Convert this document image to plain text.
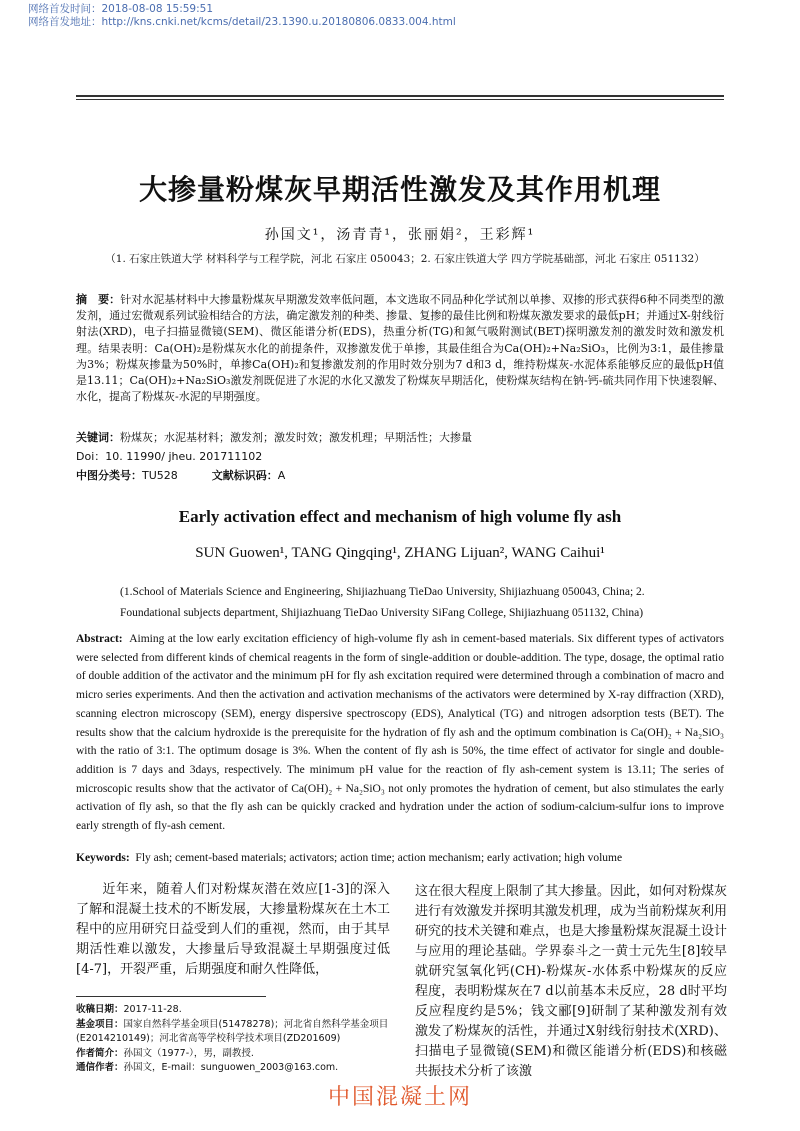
网络首发时间：2018-08-08 15:59:51
网络首发地址：http://kns.cnki.net/kcms/detail/23.1390.u.20180806.0833.004.html
大掺量粉煤灰早期活性激发及其作用机理
孙国文¹，汤青青¹，张丽娟²，王彩辉¹
（1. 石家庄铁道大学 材料科学与工程学院，河北 石家庄 050043；2. 石家庄铁道大学 四方学院基础部，河北 石家庄 051132）
摘　要：针对水泥基材料中大掺量粉煤灰早期激发效率低问题，本文选取不同品种化学试剂以单掺、双掺的形式获得6种不同类型的激发剂，通过宏微观系列试验相结合的方法，确定激发剂的种类、掺量、复掺的最佳比例和粉煤灰激发要求的最低pH；并通过X-射线衍射法(XRD)，电子扫描显微镜(SEM)、微区能谱分析(EDS)，热重分析(TG)和氮气吸附测试(BET)探明激发剂的激发时效和激发机理。结果表明：Ca(OH)₂是粉煤灰水化的前提条件，双掺激发优于单掺，其最佳组合为Ca(OH)₂+Na₂SiO₃，比例为3:1，最佳掺量为3%；粉煤灰掺量为50%时，单掺Ca(OH)₂和复掺激发剂的作用时效分别为7 d和3 d，维持粉煤灰-水泥体系能够反应的最低pH值是13.11；Ca(OH)₂+Na₂SiO₃激发剂既促进了水泥的水化又激发了粉煤灰早期活化，使粉煤灰结构在钠-钙-硫共同作用下快速裂解、水化，提高了粉煤灰-水泥的早期强度。
关键词：粉煤灰；水泥基材料；激发剂；激发时效；激发机理；早期活性；大掺量
Doi：10. 11990/ jheu. 201711102
中图分类号：TU528	文献标识码：A
Early activation effect and mechanism of high volume fly ash
SUN Guowen¹, TANG Qingqing¹, ZHANG Lijuan², WANG Caihui¹
(1.School of Materials Science and Engineering, Shijiazhuang TieDao University, Shijiazhuang 050043, China; 2. Foundational subjects department, Shijiazhuang TieDao University SiFang College, Shijiazhuang 051132, China)
Abstract: Aiming at the low early excitation efficiency of high-volume fly ash in cement-based materials. Six different types of activators were selected from different kinds of chemical reagents in the form of single-addition or double-addition. The type, dosage, the optimal ratio of double addition of the activator and the minimum pH for fly ash excitation required were determined through a combination of macro and micro series experiments. And then the activation and activation mechanisms of the activators were determined by X-ray diffraction (XRD), scanning electron microscopy (SEM), energy dispersive spectroscopy (EDS), Analytical (TG) and nitrogen adsorption tests (BET). The results show that the calcium hydroxide is the prerequisite for the hydration of fly ash and the optimum combination is Ca(OH)₂ + Na₂SiO₃ with the ratio of 3:1. The optimum dosage is 3%. When the content of fly ash is 50%, the time effect of activator for single and double-addition is 7 days and 3days, respectively. The minimum pH value for the reaction of fly ash-cement system is 13.11; The series of microscopic results show that the activator of Ca(OH)₂ + Na₂SiO₃ not only promotes the hydration of cement, but also stimulates the early activation of fly ash, so that the fly ash can be quickly cracked and hydration under the action of sodium-calcium-sulfur ions to improve early strength of fly-ash cement.
Keywords: Fly ash; cement-based materials; activators; action time; action mechanism; early activation; high volume
近年来，随着人们对粉煤灰潜在效应[1-3]的深入了解和混凝土技术的不断发展，大掺量粉煤灰在土木工程中的应用研究日益受到人们的重视，然而，由于其早期活性难以激发，大掺量后导致混凝土早期强度过低[4-7]，开裂严重，后期强度和耐久性降低，
这在很大程度上限制了其大掺量。因此，如何对粉煤灰进行有效激发并探明其激发机理，成为当前粉煤灰利用研究的技术关键和难点，也是大掺量粉煤灰混凝土设计与应用的理论基础。学界泰斗之一黄士元先生[8]较早就研究氢氧化钙(CH)-粉煤灰-水体系中粉煤灰的反应程度，表明粉煤灰在7 d以前基本未反应，28 d时平均反应程度约是5%；钱文郦[9]研制了某种激发剂有效激发了粉煤灰的活性，并通过X射线衍射技术(XRD)、扫描电子显微镜(SEM)和微区能谱分析(EDS)和核磁共振技术分析了该激
收稿日期：2017-11-28.
基金项目：国家自然科学基金项目(51478278)；河北省自然科学基金项目(E2014210149)；河北省高等学校科学技术项目(ZD201609)
作者简介：孙国文（1977-），男，副教授.
通信作者：孙国文，E-mail：sunguowen_2003@163.com.
中国混凝土网
